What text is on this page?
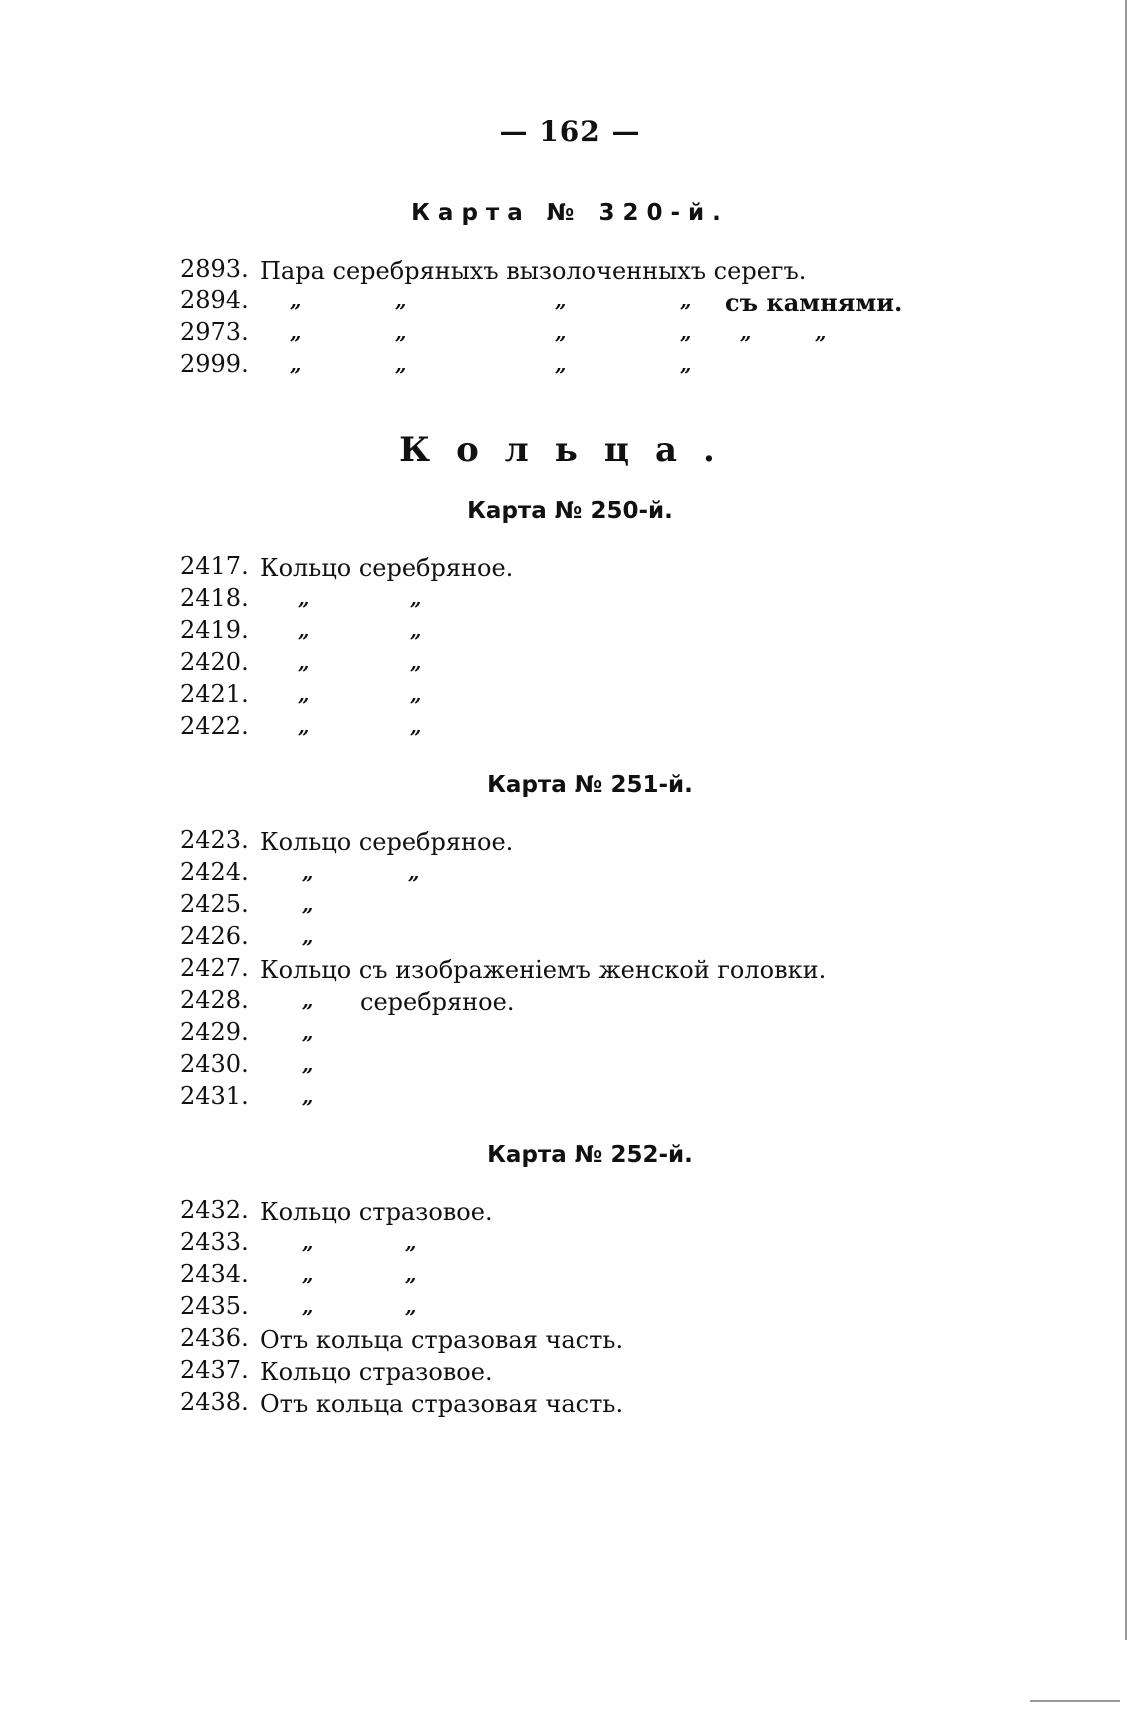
— 162 —
Карта № 320-й.
2893. Пара серебряныхъ вызолоченныхъ серегъ.
2894. „	„	„	„ съ камнями.
2973. „	„	„	„ „	„
2999. „	„	„	„
Кольца.
Карта № 250-й.
2417. Кольцо серебряное.
2418. „	„
2419. „	„
2420. „	„
2421. „	„
2422. „	„
Карта № 251-й.
2423. Кольцо серебряное.
2424.	„	„
2425.	„
2426.	„
2427. Кольцо съ изображеніемъ женской головки.
2428.	„ серебряное.
2429.	„
2430.	„
2431.	„
Карта № 252-й.
2432. Кольцо стразовое.
2433.	„	„
2434.	„	„
2435.	„	„
2436. Отъ кольца стразовая часть.
2437. Кольцо стразовое.
2438. Отъ кольца стразовая часть.
